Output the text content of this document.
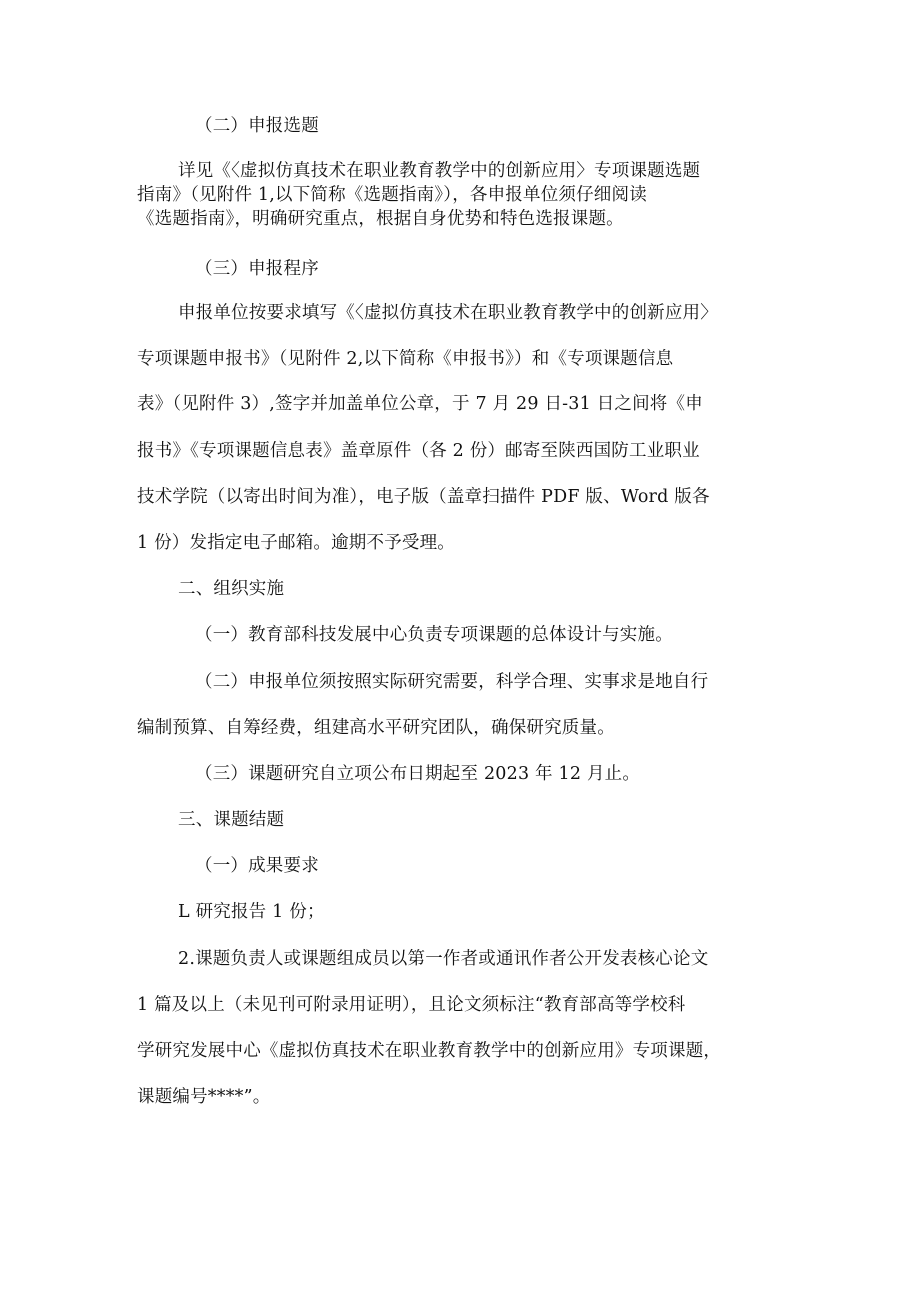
（二）申报选题
详见《〈虚拟仿真技术在职业教育教学中的创新应用〉专项课题选题
指南》（见附件 1,以下简称《选题指南》），各申报单位须仔细阅读
《选题指南》，明确研究重点，根据自身优势和特色选报课题。
（三）申报程序
申报单位按要求填写《〈虚拟仿真技术在职业教育教学中的创新应用〉
专项课题申报书》（见附件 2,以下简称《申报书》）和《专项课题信息
表》（见附件 3）,签字并加盖单位公章，于 7 月 29 日-31 日之间将《申
报书》《专项课题信息表》盖章原件（各 2 份）邮寄至陕西国防工业职业
技术学院（以寄出时间为准），电子版（盖章扫描件 PDF 版、Word 版各
1 份）发指定电子邮箱。逾期不予受理。
二、组织实施
（一）教育部科技发展中心负责专项课题的总体设计与实施。
（二）申报单位须按照实际研究需要，科学合理、实事求是地自行
编制预算、自筹经费，组建高水平研究团队，确保研究质量。
（三）课题研究自立项公布日期起至 2023 年 12 月止。
三、课题结题
（一）成果要求
L 研究报告 1 份；
2.课题负责人或课题组成员以第一作者或通讯作者公开发表核心论文
1 篇及以上（未见刊可附录用证明），且论文须标注“教育部高等学校科
学研究发展中心《虚拟仿真技术在职业教育教学中的创新应用》专项课题，
课题编号****”。
